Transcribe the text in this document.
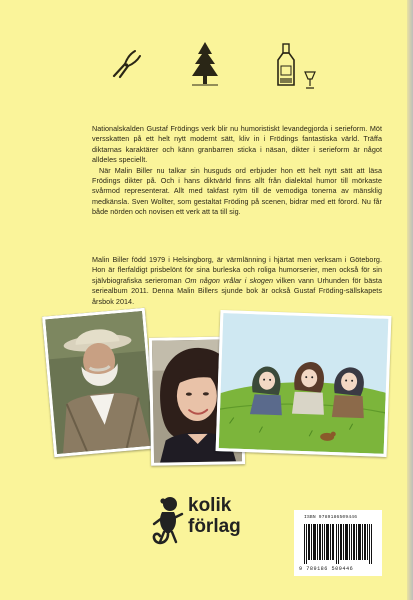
Nationalskalden Gustaf Frödings verk blir nu humoristiskt levandegjorda i serieform. Möt versskatten på ett helt nytt modernt sätt, kliv in i Frödings fantastiska värld. Träffa diktarnas karaktärer och känn granbarren sticka i näsan, dikter i serieform är något alldeles speciellt.

När Malin Biller nu talkar sin husguds ord erbjuder hon ett helt nytt sätt att läsa Frödings dikter på. Och i hans diktvärld finns allt från dialektal humor till mörkaste svårmod representerat. Allt med takfast rytm till de vemodiga tonerna av mänsklig medkänsla. Sven Wollter, som gestaltat Fröding på scenen, bidrar med ett förord. Nu får både nörden och novisen ett verk att ta till sig.

Malin Biller född 1979 i Helsingborg, är värmlänning i hjärtat men verksam i Göteborg. Hon är flerfaldigt prisbelönt för sina burleska och roliga humorserier, men också för sin självbiografiska serieroman Om någon vrålar i skogen vilken vann Urhunden för bästa seriealbum 2011. Denna Malin Billers sjunde bok är också Gustaf Fröding-sällskapets årsbok 2014.

kolik
förlag	ISBN 9789186509446
9 789186 509446
